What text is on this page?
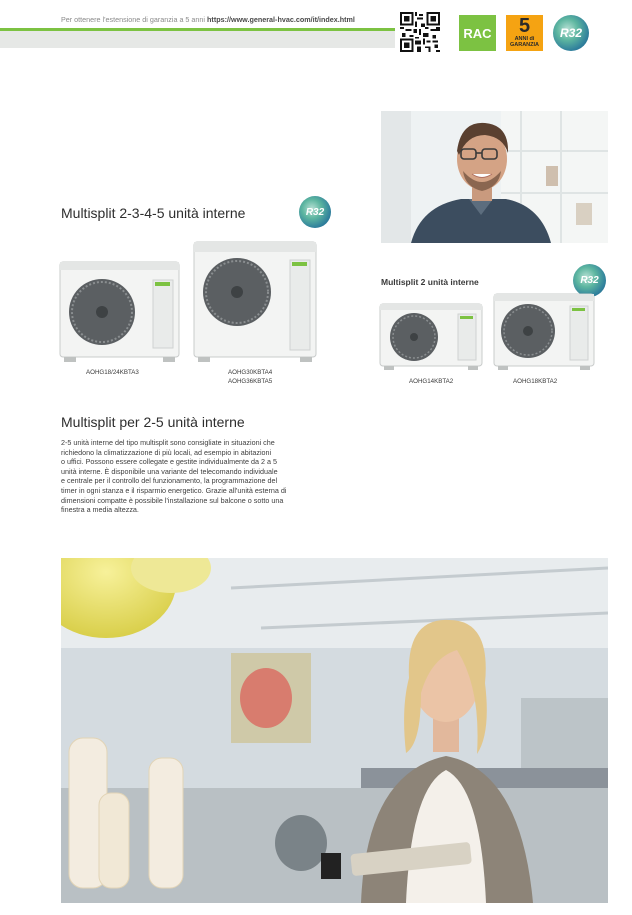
Per ottenere l'estensione di garanzia a 5 anni https://www.general-hvac.com/it/index.html
RAC	5
ANNI di GARANZIA
R32
Multisplit 2-3-4-5 unità interne	R32
AOHG18/24KBTA3	AOHG30KBTA4
AOHG36KBTA5
Multisplit 2 unità interne	R32
AOHG14KBTA2	AOHG18KBTA2
Multisplit per 2-5 unità interne
2-5 unità interne del tipo multisplit sono consigliate in situazioni che
richiedono la climatizzazione di più locali, ad esempio in abitazioni
o uffici. Possono essere collegate e gestite individualmente da 2 a 5
unità interne. È disponibile una variante del telecomando individuale
e centrale per il controllo del funzionamento, la programmazione del
timer in ogni stanza e il risparmio energetico. Grazie all'unità esterna di
dimensioni compatte è possibile l'installazione sul balcone o sotto una
finestra a media altezza.
